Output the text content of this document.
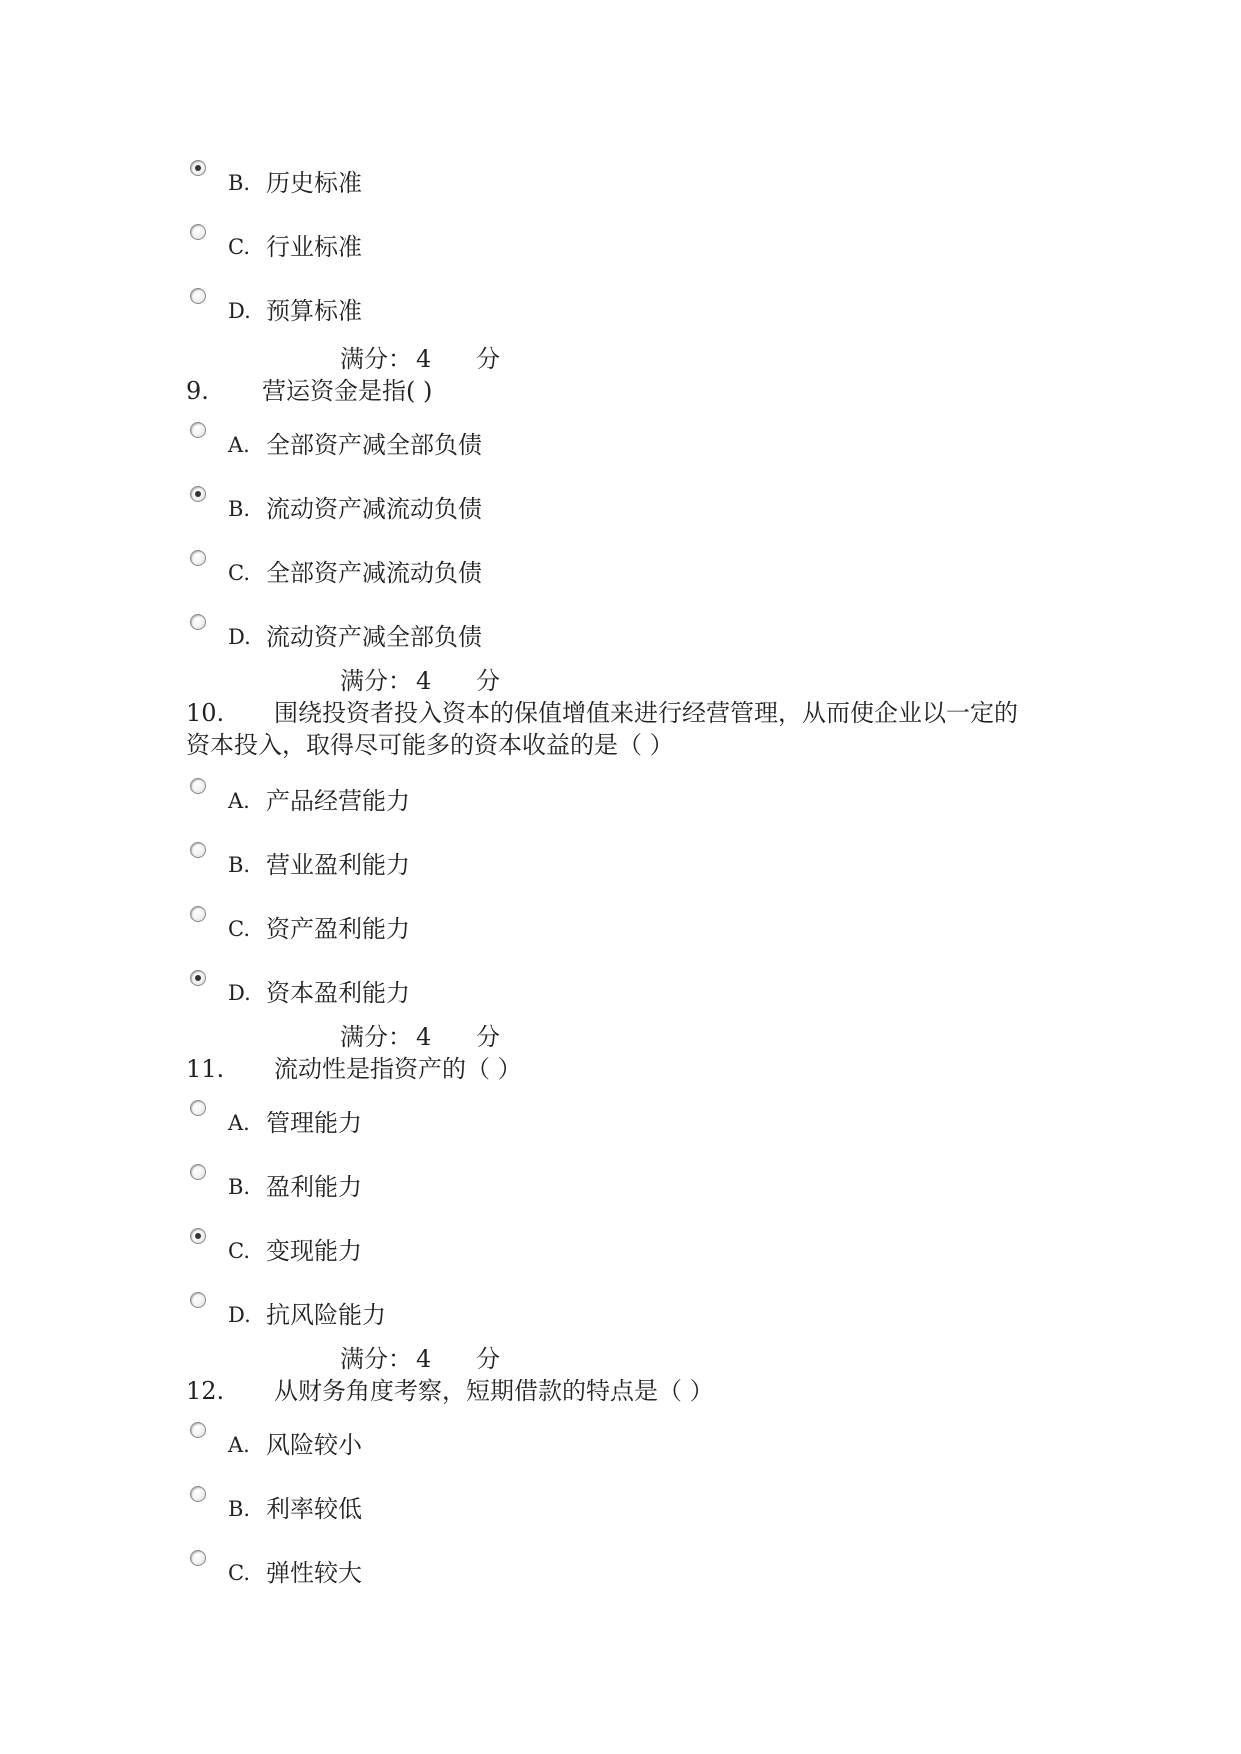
B. 历史标准
C. 行业标准
D. 预算标准
满分： 4 分
9. 营运资金是指( )
A. 全部资产减全部负债
B. 流动资产减流动负债
C. 全部资产减流动负债
D. 流动资产减全部负债
满分： 4 分
10. 围绕投资者投入资本的保值增值来进行经营管理，从而使企业以一定的
资本投入，取得尽可能多的资本收益的是（ ）
A. 产品经营能力
B. 营业盈利能力
C. 资产盈利能力
D. 资本盈利能力
满分： 4 分
11. 流动性是指资产的（ ）
A. 管理能力
B. 盈利能力
C. 变现能力
D. 抗风险能力
满分： 4 分
12. 从财务角度考察，短期借款的特点是（ ）
A. 风险较小
B. 利率较低
C. 弹性较大
